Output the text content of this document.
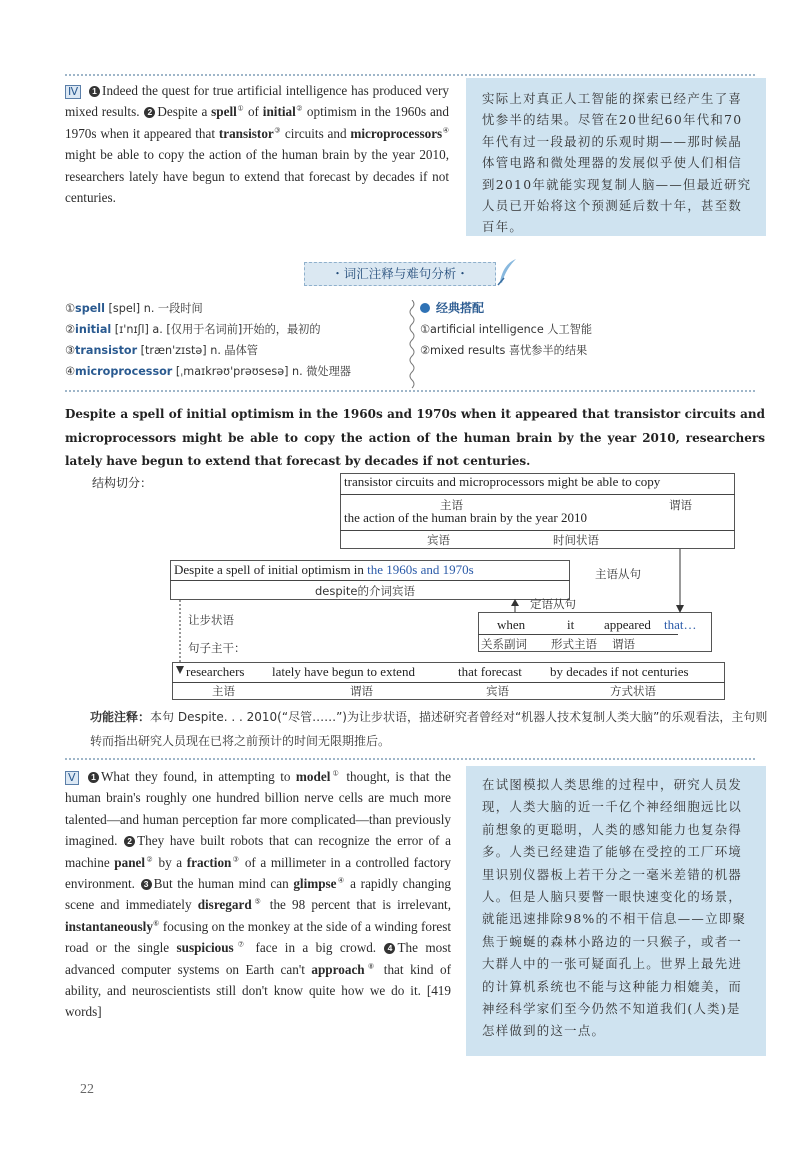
Ⅳ 1 Indeed the quest for true artificial intelligence has produced very mixed results. 2 Despite a spell① of initial② optimism in the 1960s and 1970s when it appeared that transistor③ circuits and microprocessors④ might be able to copy the action of the human brain by the year 2010, researchers lately have begun to extend that forecast by decades if not centuries.
实际上对真正人工智能的探索已经产生了喜忧参半的结果。尽管在20世纪60年代和70年代有过一段最初的乐观时期——那时候晶体管电路和微处理器的发展似乎使人们相信到2010年就能实现复制人脑——但最近研究人员已开始将这个预测延后数十年，甚至数百年。
・词汇注释与难句分析・
①spell [spel] n. 一段时间
②initial [ɪ'nɪʃl] a. [仅用于名词前]开始的，最初的
③transistor [træn'zɪstə] n. 晶体管
④microprocessor [ˌmaɪkrəʊ'prəʊsesə] n. 微处理器
经典搭配
①artificial intelligence 人工智能
②mixed results 喜忧参半的结果
Despite a spell of initial optimism in the 1960s and 1970s when it appeared that transistor circuits and microprocessors might be able to copy the action of the human brain by the year 2010, researchers lately have begun to extend that forecast by decades if not centuries.
结构切分：	transistor circuits and microprocessors might be able to copy
主语	谓语
the action of the human brain by the year 2010
宾语	时间状语
Despite a spell of initial optimism in the 1960s and 1970s
despite的介词宾语
主语从句
定语从句
when	it appeared that…
关系副词 形式主语 谓语
让步状语
句子主干：
researchers lately have begun to extend	that forecast by decades if not centuries
主语	谓语	宾语	方式状语
功能注释：本句 Despite. . . 2010(“尽管……”)为让步状语，描述研究者曾经对“机器人技术复制人类大脑”的乐观看法，主句则转而指出研究人员现在已将之前预计的时间无限期推后。
Ⅴ 1 What they found, in attempting to model① thought, is that the human brain's roughly one hundred billion nerve cells are much more talented—and human perception far more complicated—than previously imagined. 2 They have built robots that can recognize the error of a machine panel② by a fraction③ of a millimeter in a controlled factory environment. 3 But the human mind can glimpse④ a rapidly changing scene and immediately disregard⑤ the 98 percent that is irrelevant, instantaneously⑥ focusing on the monkey at the side of a winding forest road or the single suspicious⑦ face in a big crowd. 4 The most advanced computer systems on Earth can't approach⑧ that kind of ability, and neuroscientists still don't know quite how we do it. [419 words]
在试图模拟人类思维的过程中，研究人员发现，人类大脑的近一千亿个神经细胞远比以前想象的更聪明，人类的感知能力也复杂得多。人类已经建造了能够在受控的工厂环境里识别仪器板上若干分之一毫米差错的机器人。但是人脑只要瞥一眼快速变化的场景，就能迅速排除98%的不相干信息——立即聚焦于蜿蜒的森林小路边的一只猴子，或者一大群人中的一张可疑面孔上。世界上最先进的计算机系统也不能与这种能力相媲美，而神经科学家们至今仍然不知道我们(人类)是怎样做到的这一点。
22
